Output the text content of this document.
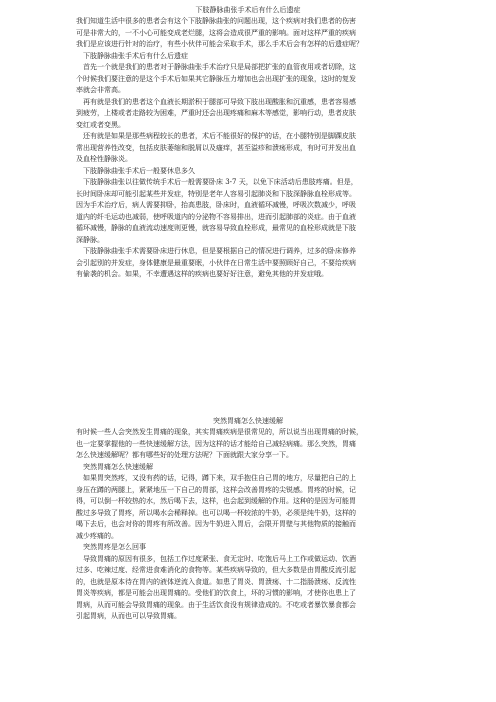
下肢静脉曲张手术后有什么后遗症
我们知道生活中很多的患者会有这个下肢静脉曲张的问题出现，这个疾病对我们患者的伤害
可是非常大的，一不小心可能变成老烂腿，这将会造成很严重的影响。面对这样严重的疾病
我们是应该进行针对的治疗，有些小伙伴可能会采取手术，那么手术后会有怎样的后遗症呢？
下肢静脉曲张手术后有什么后遗症
首先一个就是我们的患者对于静脉曲张手术治疗只是局部把扩张的血管夜用或者切除，这
个时候我们要注意的是这个手术后如果其它静脉压力增加也会出现扩张的现象，这时的复发
率就会非常高。
再有就是我们的患者这个血液长期淤积于腿部可导致下肢出现酸胀和沉重感，患者容易感
到疲劳，上楼或者走路较为困难，严重时还会出现疼痛和麻木等感觉，影响行动，患者皮肤
变红或者变黑。
还有就是如果是那些病程较长的患者，术后不能很好的保护的话，在小腿特别是脚踝皮肤
常出现营养性改变，包括皮肤萎缩和脱屑以及瘙痒，甚至溢疹和溃疡形成，有时可并发出血
及血栓性静脉炎。
下肢静脉曲张手术后一般要休息多久
下肢静脉曲张以往做传统手术后一般需要卧床 3-7 天，以免下床活动后患肢疼痛。但是，
长时间卧床却可能引起某些并发症，特别是老年人容易引起肺炎和下肢深静脉血栓形成等。
因为手术治疗后，病人需要抑卧，抬高患肢，卧床时，血液循环减慢，呼吸次数减少，呼吸
道内的纤毛运动也减弱，使呼吸道内的分泌物不容易排出，进而引起肺部的炎症。由于血液
循环减慢，静脉的血液流动速度则更慢，就容易导致血栓形成，最常见的血栓形成就是下肢
深静脉。
下肢静脉曲张手术需要卧床进行休息，但是要根据自己的情况进行调养，过多的卧床修养
会引起别的并发症，身体健康是最重要眠，小伙伴在日常生活中要照顾好自己，不要给疾病
有偷袭的机会。如果，不幸遭遇这样的疾病也要好好注意，避免其他的并发症哦。
突然胃痛怎么快速缓解
有时候一些人会突然发生胃痛的现象，其实胃痛疾病是很常见的，所以说当出现胃痛的时候，
也一定要掌握他的一些快速缓解方法，因为这样的话才能给自己减轻病痛。那么突然，胃痛
怎么快速缓解呢？都有哪些好的处理方法呢？下面就跟大家分享一下。
突然胃痛怎么快速缓解
如果胃突然疼，又没有药的话，记得，蹲下来，双手抱住自己胃的地方，尽量把自己的上
身压在蹲的两腿上，紧紧地压一下自己的胃部，这样会改善胃疼的尖锐感。胃疼的时候，记
得，可以倒一杯较热的水，然后喝下去，这样，也会起到缓解的作用。这种的是因为可能胃
酸过多导致了胃疼，所以喝水会稀释掉。也可以喝一杯较浓的牛奶，必须是纯牛奶，这样的
喝下去后，也会对你的胃疼有所改善。因为牛奶进入胃后，会限开胃壁与其他物质的接触而
减少疼痛的。
突然胃疼是怎么回事
导致胃痛的原因有很多，包括工作过度紧张、食无定时、吃饱后马上工作或做运动、饮酒
过多、吃辣过度、经常进食难消化的食物等。某些疾病导致的，但大多数是由胃酸反流引起
的，也就是原本待在胃内的液体逆流入食道。如患了胃炎、胃溃疡、十二指肠溃疡、反流性
胃炎等疾病，都是可能会出现胃痛的。受他们的饮食上，坏的习惯的影响，才使你也患上了
胃病，从而可能会导致胃痛的现象。由于生活饮食没有规律造成的。不吃或者暴饮暴食都会
引起胃病，从而也可以导致胃痛。
